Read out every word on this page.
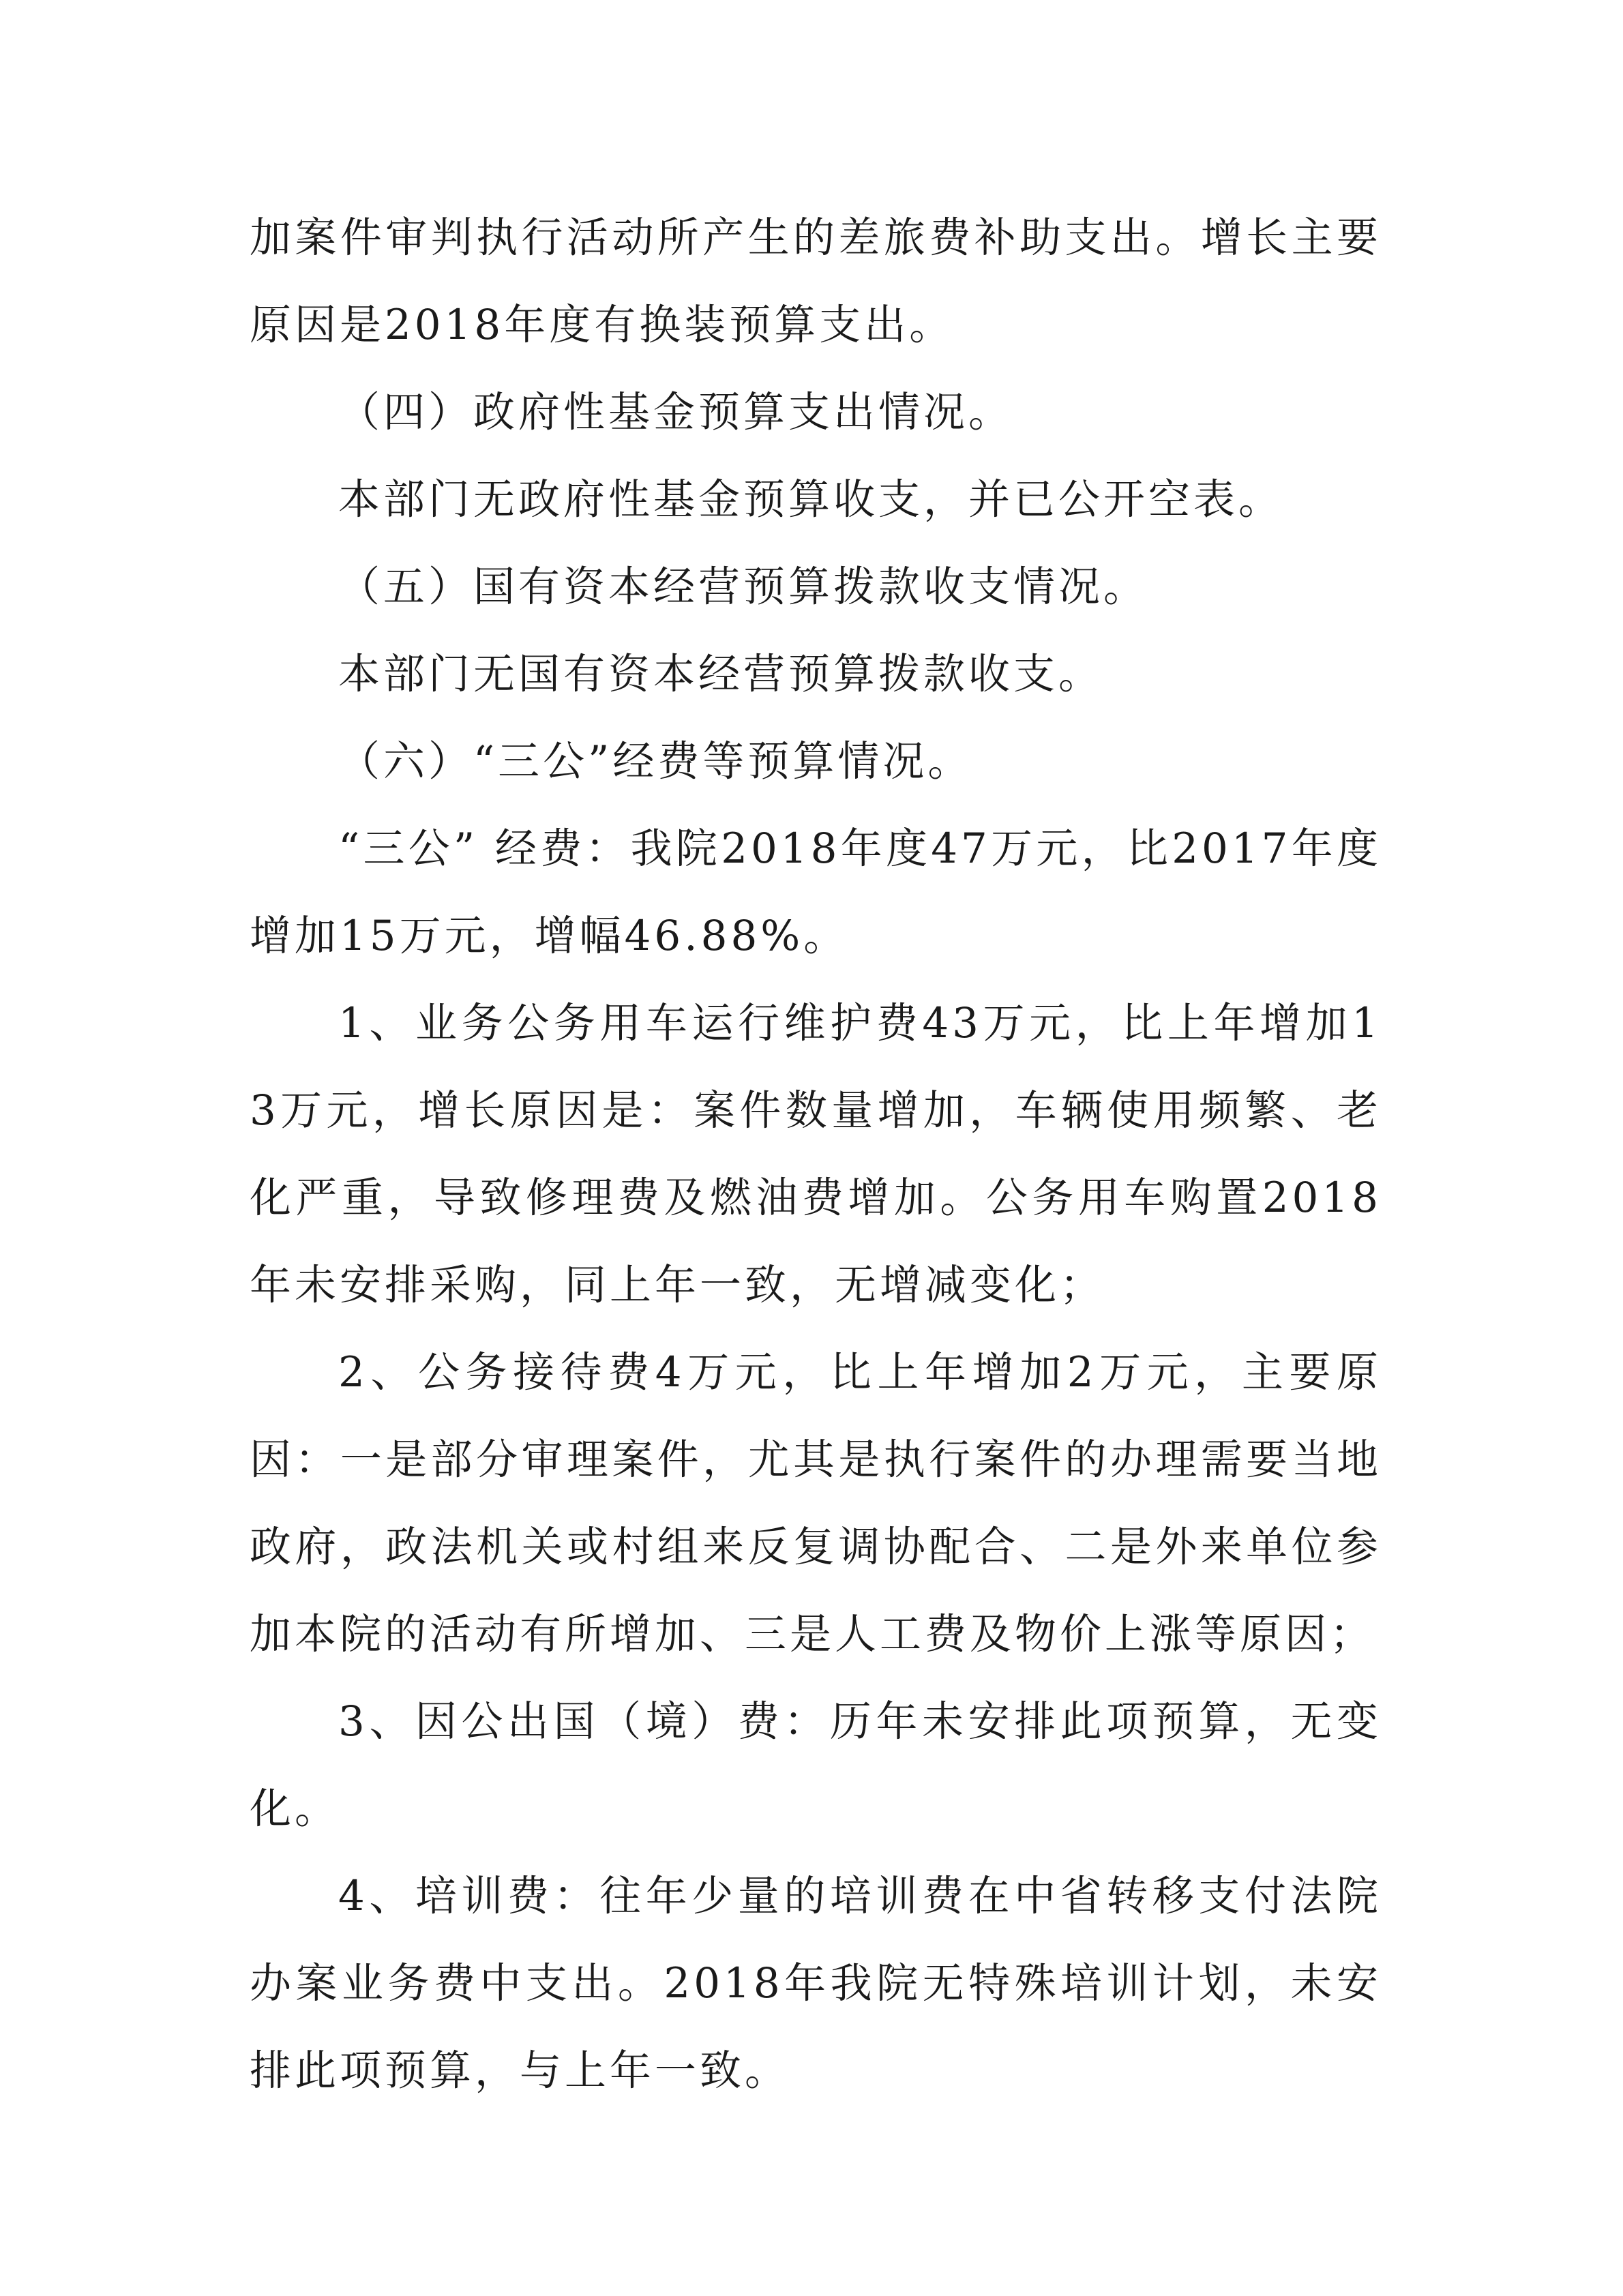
加案件审判执行活动所产生的差旅费补助支出。增长主要原因是2018年度有换装预算支出。

（四）政府性基金预算支出情况。

本部门无政府性基金预算收支，并已公开空表。

（五）国有资本经营预算拨款收支情况。

本部门无国有资本经营预算拨款收支。

（六）“三公”经费等预算情况。

“三公” 经费：我院2018年度47万元，比2017年度增加15万元，增幅46.88%。

1、业务公务用车运行维护费43万元，比上年增加13万元，增长原因是：案件数量增加，车辆使用频繁、老化严重，导致修理费及燃油费增加。公务用车购置2018年未安排采购，同上年一致，无增减变化；

2、公务接待费4万元，比上年增加2万元，主要原因：一是部分审理案件，尤其是执行案件的办理需要当地政府，政法机关或村组来反复调协配合、二是外来单位参加本院的活动有所增加、三是人工费及物价上涨等原因；

3、因公出国（境）费：历年未安排此项预算，无变化。

4、培训费：往年少量的培训费在中省转移支付法院办案业务费中支出。2018年我院无特殊培训计划，未安排此项预算，与上年一致。
